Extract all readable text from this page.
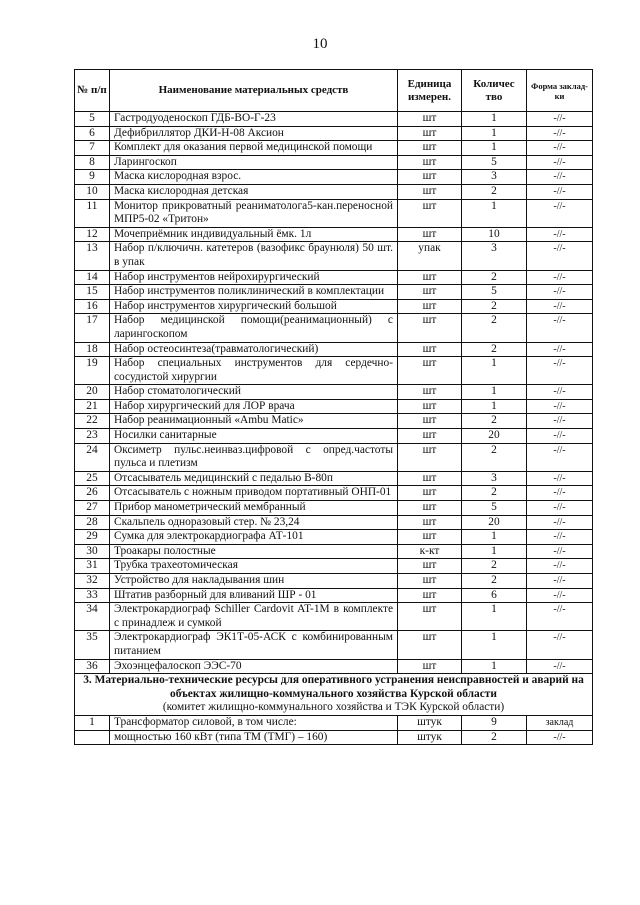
10
№ п/п	Наименование материальных средств	Единица измерен.	Количес тво	Форма заклад-ки
5	Гастродуоденоскоп ГДБ-ВО-Г-23	шт	1	-//-
6	Дефибриллятор ДКИ-Н-08 Аксион	шт	1	-//-
7	Комплект для оказания первой медицинской помощи	шт	1	-//-
8	Ларингоскоп	шт	5	-//-
9	Маска кислородная взрос.	шт	3	-//-
10	Маска кислородная детская	шт	2	-//-
11	Монитор прикроватный реаниматолога5-кан.переносной МПР5-02 «Тритон»	шт	1	-//-
12	Мочеприёмник индивидуальный ёмк. 1л	шт	10	-//-
13	Набор п/ключичн. катетеров (вазофикс браунюля) 50 шт. в упак	упак	3	-//-
14	Набор инструментов нейрохирургический	шт	2	-//-
15	Набор инструментов поликлинический в комплектации	шт	5	-//-
16	Набор инструментов хирургический большой	шт	2	-//-
17	Набор медицинской помощи(реанимационный) с ларингоскопом	шт	2	-//-
18	Набор остеосинтеза(травматологический)	шт	2	-//-
19	Набор специальных инструментов для сердечно-сосудистой хирургии	шт	1	-//-
20	Набор стоматологический	шт	1	-//-
21	Набор хирургический для ЛОР врача	шт	1	-//-
22	Набор реанимационный «Ambu Matic»	шт	2	-//-
23	Носилки санитарные	шт	20	-//-
24	Оксиметр пульс.неинваз.цифровой с опред.частоты пульса и плетизм	шт	2	-//-
25	Отсасыватель медицинский с педалью В-80п	шт	3	-//-
26	Отсасыватель с ножным приводом портативный ОНП-01	шт	2	-//-
27	Прибор манометрический мембранный	шт	5	-//-
28	Скальпель одноразовый стер. № 23,24	шт	20	-//-
29	Сумка для электрокардиографа АТ-101	шт	1	-//-
30	Троакары полостные	к-кт	1	-//-
31	Трубка трахеотомическая	шт	2	-//-
32	Устройство для накладывания шин	шт	2	-//-
33	Штатив разборный для вливаний ШР - 01	шт	6	-//-
34	Электрокардиограф Schiller Cardovit AT-1M в комплекте с принадлеж и сумкой	шт	1	-//-
35	Электрокардиограф ЭК1Т-05-АСК с комбинированным питанием	шт	1	-//-
36	Эхоэнцефалоскоп ЭЭС-70	шт	1	-//-
3. Материально-технические ресурсы для оперативного устранения неисправностей и аварий на объектах жилищно-коммунального хозяйства Курской области
(комитет жилищно-коммунального хозяйства и ТЭК Курской области)				

1	Трансформатор силовой, в том числе:	штук	9	заклад
	мощностью 160 кВт (типа ТМ (ТМГ) – 160)	штук	2	-//-
